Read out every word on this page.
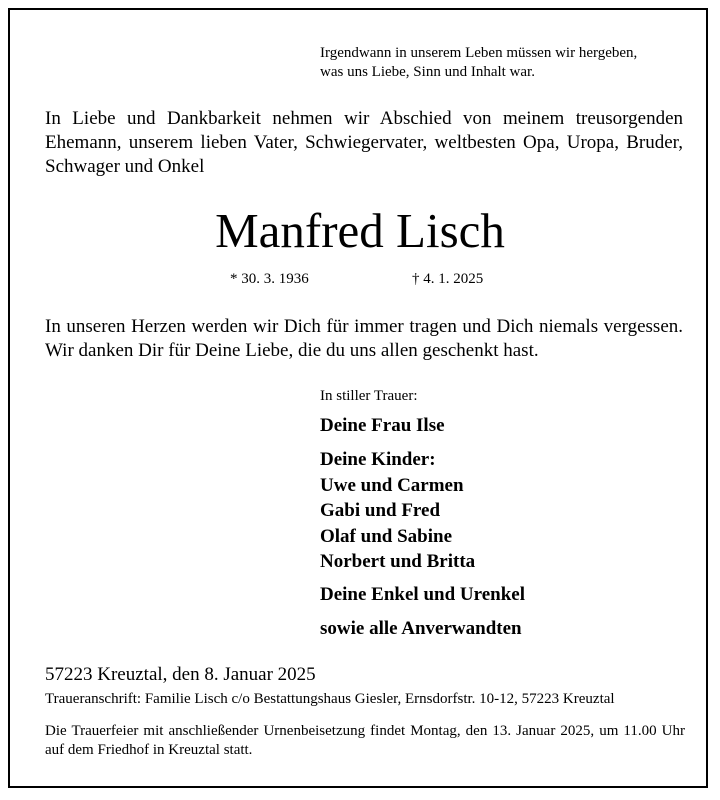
Irgendwann in unserem Leben müssen wir hergeben,
was uns Liebe, Sinn und Inhalt war.
In Liebe und Dankbarkeit nehmen wir Abschied von meinem treusorgenden Ehemann, unserem lieben Vater, Schwiegervater, weltbesten Opa, Uropa, Bruder, Schwager und Onkel
Manfred Lisch
* 30. 3. 1936	† 4. 1. 2025
In unseren Herzen werden wir Dich für immer tragen und Dich niemals vergessen. Wir danken Dir für Deine Liebe, die du uns allen geschenkt hast.
In stiller Trauer:
Deine Frau Ilse
Deine Kinder:
Uwe und Carmen
Gabi und Fred
Olaf und Sabine
Norbert und Britta
Deine Enkel und Urenkel
sowie alle Anverwandten
57223 Kreuztal, den 8. Januar 2025
Traueranschrift: Familie Lisch c/o Bestattungshaus Giesler, Ernsdorfstr. 10-12, 57223 Kreuztal
Die Trauerfeier mit anschließender Urnenbeisetzung findet Montag, den 13. Januar 2025, um 11.00 Uhr auf dem Friedhof in Kreuztal statt.
